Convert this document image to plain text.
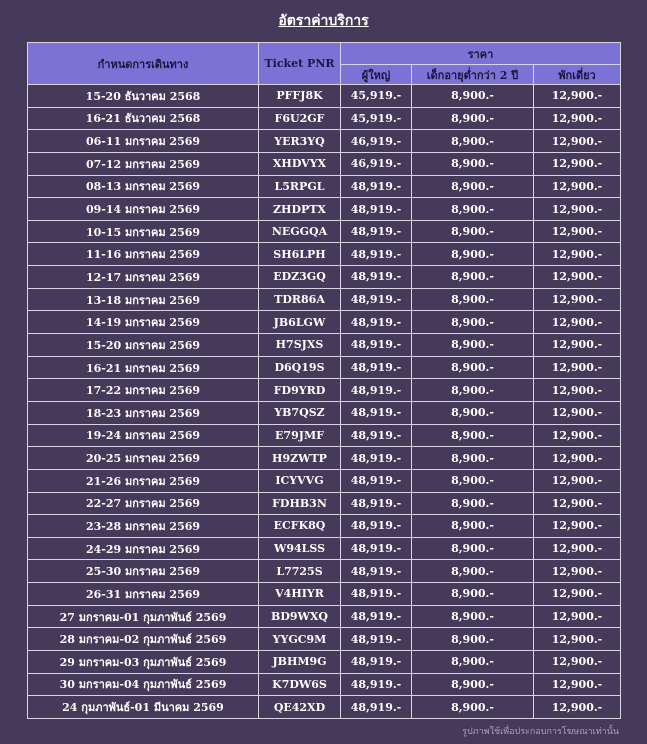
อัตราค่าบริการ
กำหนดการเดินทาง	Ticket PNR	ราคา		
		ผู้ใหญ่	เด็กอายุต่ำกว่า 2 ปี	พักเดี่ยว
15-20 ธันวาคม 2568	PFFJ8K	45,919.-	8,900.-	12,900.-
16-21 ธันวาคม 2568	F6U2GF	45,919.-	8,900.-	12,900.-
06-11 มกราคม 2569	YER3YQ	46,919.-	8,900.-	12,900.-
07-12 มกราคม 2569	XHDVYX	46,919.-	8,900.-	12,900.-
08-13 มกราคม 2569	L5RPGL	48,919.-	8,900.-	12,900.-
09-14 มกราคม 2569	ZHDPTX	48,919.-	8,900.-	12,900.-
10-15 มกราคม 2569	NEGGQA	48,919.-	8,900.-	12,900.-
11-16 มกราคม 2569	SH6LPH	48,919.-	8,900.-	12,900.-
12-17 มกราคม 2569	EDZ3GQ	48,919.-	8,900.-	12,900.-
13-18 มกราคม 2569	TDR86A	48,919.-	8,900.-	12,900.-
14-19 มกราคม 2569	JB6LGW	48,919.-	8,900.-	12,900.-
15-20 มกราคม 2569	H7SJXS	48,919.-	8,900.-	12,900.-
16-21 มกราคม 2569	D6Q19S	48,919.-	8,900.-	12,900.-
17-22 มกราคม 2569	FD9YRD	48,919.-	8,900.-	12,900.-
18-23 มกราคม 2569	YB7QSZ	48,919.-	8,900.-	12,900.-
19-24 มกราคม 2569	E79JMF	48,919.-	8,900.-	12,900.-
20-25 มกราคม 2569	H9ZWTP	48,919.-	8,900.-	12,900.-
21-26 มกราคม 2569	ICYVVG	48,919.-	8,900.-	12,900.-
22-27 มกราคม 2569	FDHB3N	48,919.-	8,900.-	12,900.-
23-28 มกราคม 2569	ECFK8Q	48,919.-	8,900.-	12,900.-
24-29 มกราคม 2569	W94LSS	48,919.-	8,900.-	12,900.-
25-30 มกราคม 2569	L7725S	48,919.-	8,900.-	12,900.-
26-31 มกราคม 2569	V4HIYR	48,919.-	8,900.-	12,900.-
27 มกราคม-01 กุมภาพันธ์ 2569	BD9WXQ	48,919.-	8,900.-	12,900.-
28 มกราคม-02 กุมภาพันธ์ 2569	YYGC9M	48,919.-	8,900.-	12,900.-
29 มกราคม-03 กุมภาพันธ์ 2569	JBHM9G	48,919.-	8,900.-	12,900.-
30 มกราคม-04 กุมภาพันธ์ 2569	K7DW6S	48,919.-	8,900.-	12,900.-
24 กุมภาพันธ์-01 มีนาคม 2569	QE42XD	48,919.-	8,900.-	12,900.-
รูปภาพใช้เพื่อประกอบการโฆษณาเท่านั้น
